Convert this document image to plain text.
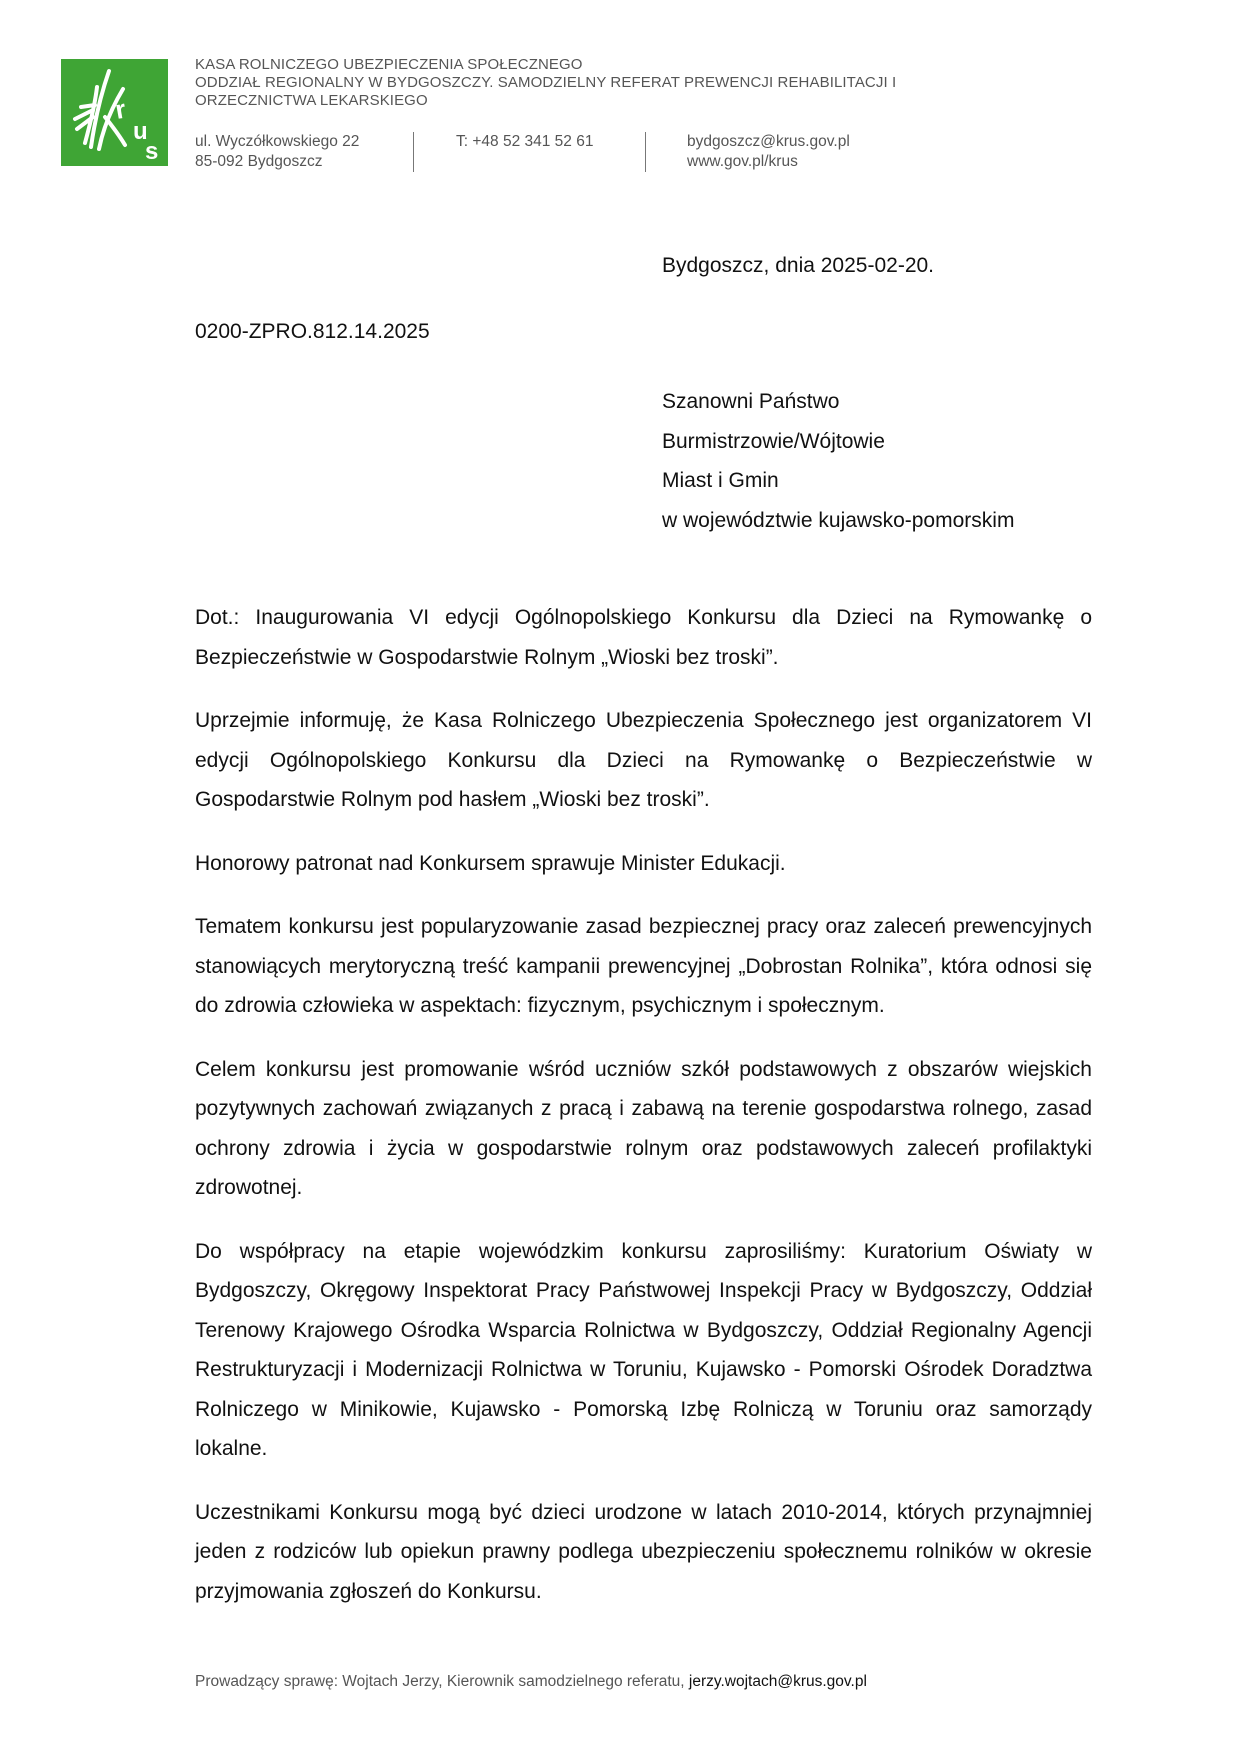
r
u
s
KASA ROLNICZEGO UBEZPIECZENIA SPOŁECZNEGO
ODDZIAŁ REGIONALNY W BYDGOSZCZY. SAMODZIELNY REFERAT PREWENCJI REHABILITACJI I
ORZECZNICTWA LEKARSKIEGO
ul. Wyczółkowskiego 22
85-092 Bydgoszcz
T: +48 52 341 52 61	bydgoszcz@krus.gov.pl
www.gov.pl/krus
Bydgoszcz, dnia 2025-02-20.
0200-ZPRO.812.14.2025
Szanowni Państwo
Burmistrzowie/Wójtowie
Miast i Gmin
w województwie kujawsko-pomorskim

Dot.: Inaugurowania VI edycji Ogólnopolskiego Konkursu dla Dzieci na Rymowankę o Bezpieczeństwie w Gospodarstwie Rolnym „Wioski bez troski”.

Uprzejmie informuję, że Kasa Rolniczego Ubezpieczenia Społecznego jest organizatorem VI edycji Ogólnopolskiego Konkursu dla Dzieci na Rymowankę o Bezpieczeństwie w Gospodarstwie Rolnym pod hasłem „Wioski bez troski”.

Honorowy patronat nad Konkursem sprawuje Minister Edukacji.

Tematem konkursu jest popularyzowanie zasad bezpiecznej pracy oraz zaleceń prewencyjnych stanowiących merytoryczną treść kampanii prewencyjnej „Dobrostan Rolnika”, która odnosi się do zdrowia człowieka w aspektach: fizycznym, psychicznym i społecznym.

Celem konkursu jest promowanie wśród uczniów szkół podstawowych z obszarów wiejskich pozytywnych zachowań związanych z pracą i zabawą na terenie gospodarstwa rolnego, zasad ochrony zdrowia i życia w gospodarstwie rolnym oraz podstawowych zaleceń profilaktyki zdrowotnej.

Do współpracy na etapie wojewódzkim konkursu zaprosiliśmy: Kuratorium Oświaty w Bydgoszczy, Okręgowy Inspektorat Pracy Państwowej Inspekcji Pracy w Bydgoszczy, Oddział Terenowy Krajowego Ośrodka Wsparcia Rolnictwa w Bydgoszczy, Oddział Regionalny Agencji Restrukturyzacji i Modernizacji Rolnictwa w Toruniu, Kujawsko - Pomorski Ośrodek Doradztwa Rolniczego w Minikowie, Kujawsko - Pomorską Izbę Rolniczą w Toruniu oraz samorządy lokalne.

Uczestnikami Konkursu mogą być dzieci urodzone w latach 2010-2014, których przynajmniej jeden z rodziców lub opiekun prawny podlega ubezpieczeniu społecznemu rolników w okresie przyjmowania zgłoszeń do Konkursu.

Prowadzący sprawę: Wojtach Jerzy, Kierownik samodzielnego referatu, jerzy.wojtach@krus.gov.pl
